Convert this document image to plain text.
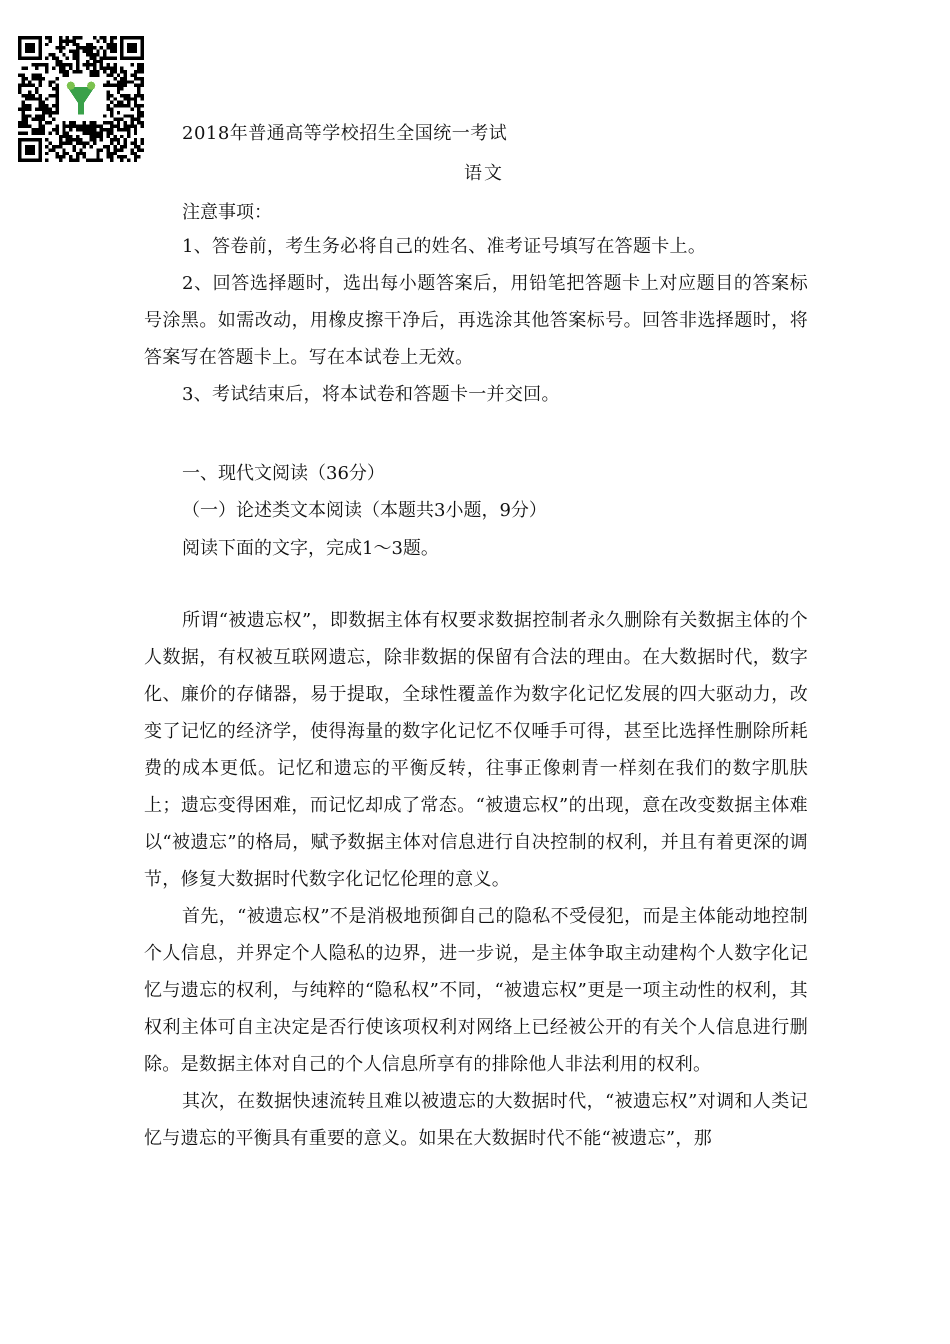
2018年普通高等学校招生全国统一考试
语文
注意事项：

1、答卷前，考生务必将自己的姓名、准考证号填写在答题卡上。

2、回答选择题时，选出每小题答案后，用铅笔把答题卡上对应题目的答案标号涂黑。如需改动，用橡皮擦干净后，再选涂其他答案标号。回答非选择题时，将答案写在答题卡上。写在本试卷上无效。

3、考试结束后，将本试卷和答题卡一并交回。

一、现代文阅读（36分）
（一）论述类文本阅读（本题共3小题，9分）
阅读下面的文字，完成1～3题。

所谓“被遗忘权”，即数据主体有权要求数据控制者永久删除有关数据主体的个人数据，有权被互联网遗忘，除非数据的保留有合法的理由。在大数据时代，数字化、廉价的存储器，易于提取，全球性覆盖作为数字化记忆发展的四大驱动力，改变了记忆的经济学，使得海量的数字化记忆不仅唾手可得，甚至比选择性删除所耗费的成本更低。记忆和遗忘的平衡反转，往事正像刺青一样刻在我们的数字肌肤上；遗忘变得困难，而记忆却成了常态。“被遗忘权”的出现，意在改变数据主体难以“被遗忘”的格局，赋予数据主体对信息进行自决控制的权利，并且有着更深的调节，修复大数据时代数字化记忆伦理的意义。

首先，“被遗忘权”不是消极地预御自己的隐私不受侵犯，而是主体能动地控制个人信息，并界定个人隐私的边界，进一步说，是主体争取主动建构个人数字化记忆与遗忘的权利，与纯粹的“隐私权”不同，“被遗忘权”更是一项主动性的权利，其权利主体可自主决定是否行使该项权利对网络上已经被公开的有关个人信息进行删除。是数据主体对自己的个人信息所享有的排除他人非法利用的权利。

其次，在数据快速流转且难以被遗忘的大数据时代，“被遗忘权”对调和人类记忆与遗忘的平衡具有重要的意义。如果在大数据时代不能“被遗忘”，那
